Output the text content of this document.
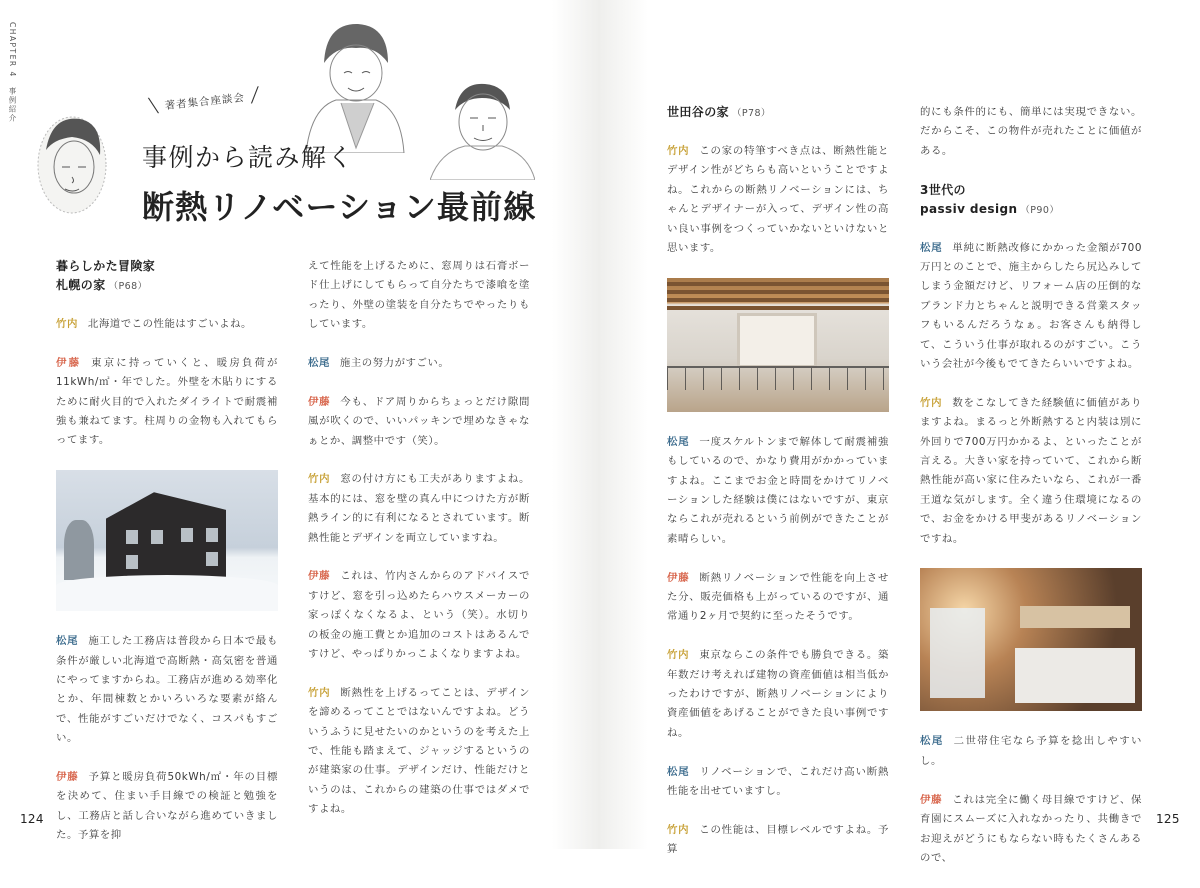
CHAPTER 4　事例紹介	╲ 著者集合座談会 ╱
事例から読み解く
断熱リノベーション最前線
暮らしかた冒険家
札幌の家 （P68）

竹内 北海道でこの性能はすごいよね。

伊藤 東京に持っていくと、暖房負荷が11kWh/㎡・年でした。外壁を木貼りにするために耐火目的で入れたダイライトで耐震補強も兼ねてます。柱周りの金物も入れてもらってます。

松尾 施工した工務店は普段から日本で最も条件が厳しい北海道で高断熱・高気密を普通にやってますからね。工務店が進める効率化とか、年間棟数とかいろいろな要素が絡んで、性能がすごいだけでなく、コスパもすごい。

伊藤 予算と暖房負荷50kWh/㎡・年の目標を決めて、住まい手目線での検証と勉強をし、工務店と話し合いながら進めていきました。予算を抑

えて性能を上げるために、窓周りは石膏ボード仕上げにしてもらって自分たちで漆喰を塗ったり、外壁の塗装を自分たちでやったりもしています。

松尾 施主の努力がすごい。

伊藤 今も、ドア周りからちょっとだけ隙間風が吹くので、いいパッキンで埋めなきゃなぁとか、調整中です（笑）。

竹内 窓の付け方にも工夫がありますよね。基本的には、窓を壁の真ん中につけた方が断熱ライン的に有利になるとされています。断熱性能とデザインを両立していますね。

伊藤 これは、竹内さんからのアドバイスですけど、窓を引っ込めたらハウスメーカーの家っぽくなくなるよ、という（笑）。水切りの板金の施工費とか追加のコストはあるんですけど、やっぱりかっこよくなりますよね。

竹内 断熱性を上げるってことは、デザインを諦めるってことではないんですよね。どういうふうに見せたいのかというのを考えた上で、性能も踏まえて、ジャッジするというのが建築家の仕事。デザインだけ、性能だけというのは、これからの建築の仕事ではダメですよね。

124
世田谷の家 （P78）

竹内 この家の特筆すべき点は、断熱性能とデザイン性がどちらも高いということですよね。これからの断熱リノベーションには、ちゃんとデザイナーが入って、デザイン性の高い良い事例をつくっていかないといけないと思います。

松尾 一度スケルトンまで解体して耐震補強もしているので、かなり費用がかかっていますよね。ここまでお金と時間をかけてリノベーションした経験は僕にはないですが、東京ならこれが売れるという前例ができたことが素晴らしい。

伊藤 断熱リノベーションで性能を向上させた分、販売価格も上がっているのですが、通常通り2ヶ月で契約に至ったそうです。

竹内 東京ならこの条件でも勝負できる。築年数だけ考えれば建物の資産価値は相当低かったわけですが、断熱リノベーションにより資産価値をあげることができた良い事例ですね。

松尾 リノベーションで、これだけ高い断熱性能を出せていますし。

竹内 この性能は、目標レベルですよね。予算

的にも条件的にも、簡単には実現できない。だからこそ、この物件が売れたことに価値がある。

3世代の
passiv design （P90）

松尾 単純に断熱改修にかかった金額が700万円とのことで、施主からしたら尻込みしてしまう金額だけど、リフォーム店の圧倒的なブランド力とちゃんと説明できる営業スタッフもいるんだろうなぁ。お客さんも納得して、こういう仕事が取れるのがすごい。こういう会社が今後もでてきたらいいですよね。

竹内 数をこなしてきた経験値に価値がありますよね。まるっと外断熱すると内装は別に外回りで700万円かかるよ、といったことが言える。大きい家を持っていて、これから断熱性能が高い家に住みたいなら、これが一番王道な気がします。全く違う住環境になるので、お金をかける甲斐があるリノベーションですね。

松尾 二世帯住宅なら予算を捻出しやすいし。

伊藤 これは完全に働く母目線ですけど、保育園にスムーズに入れなかったり、共働きでお迎えがどうにもならない時もたくさんあるので、

125
